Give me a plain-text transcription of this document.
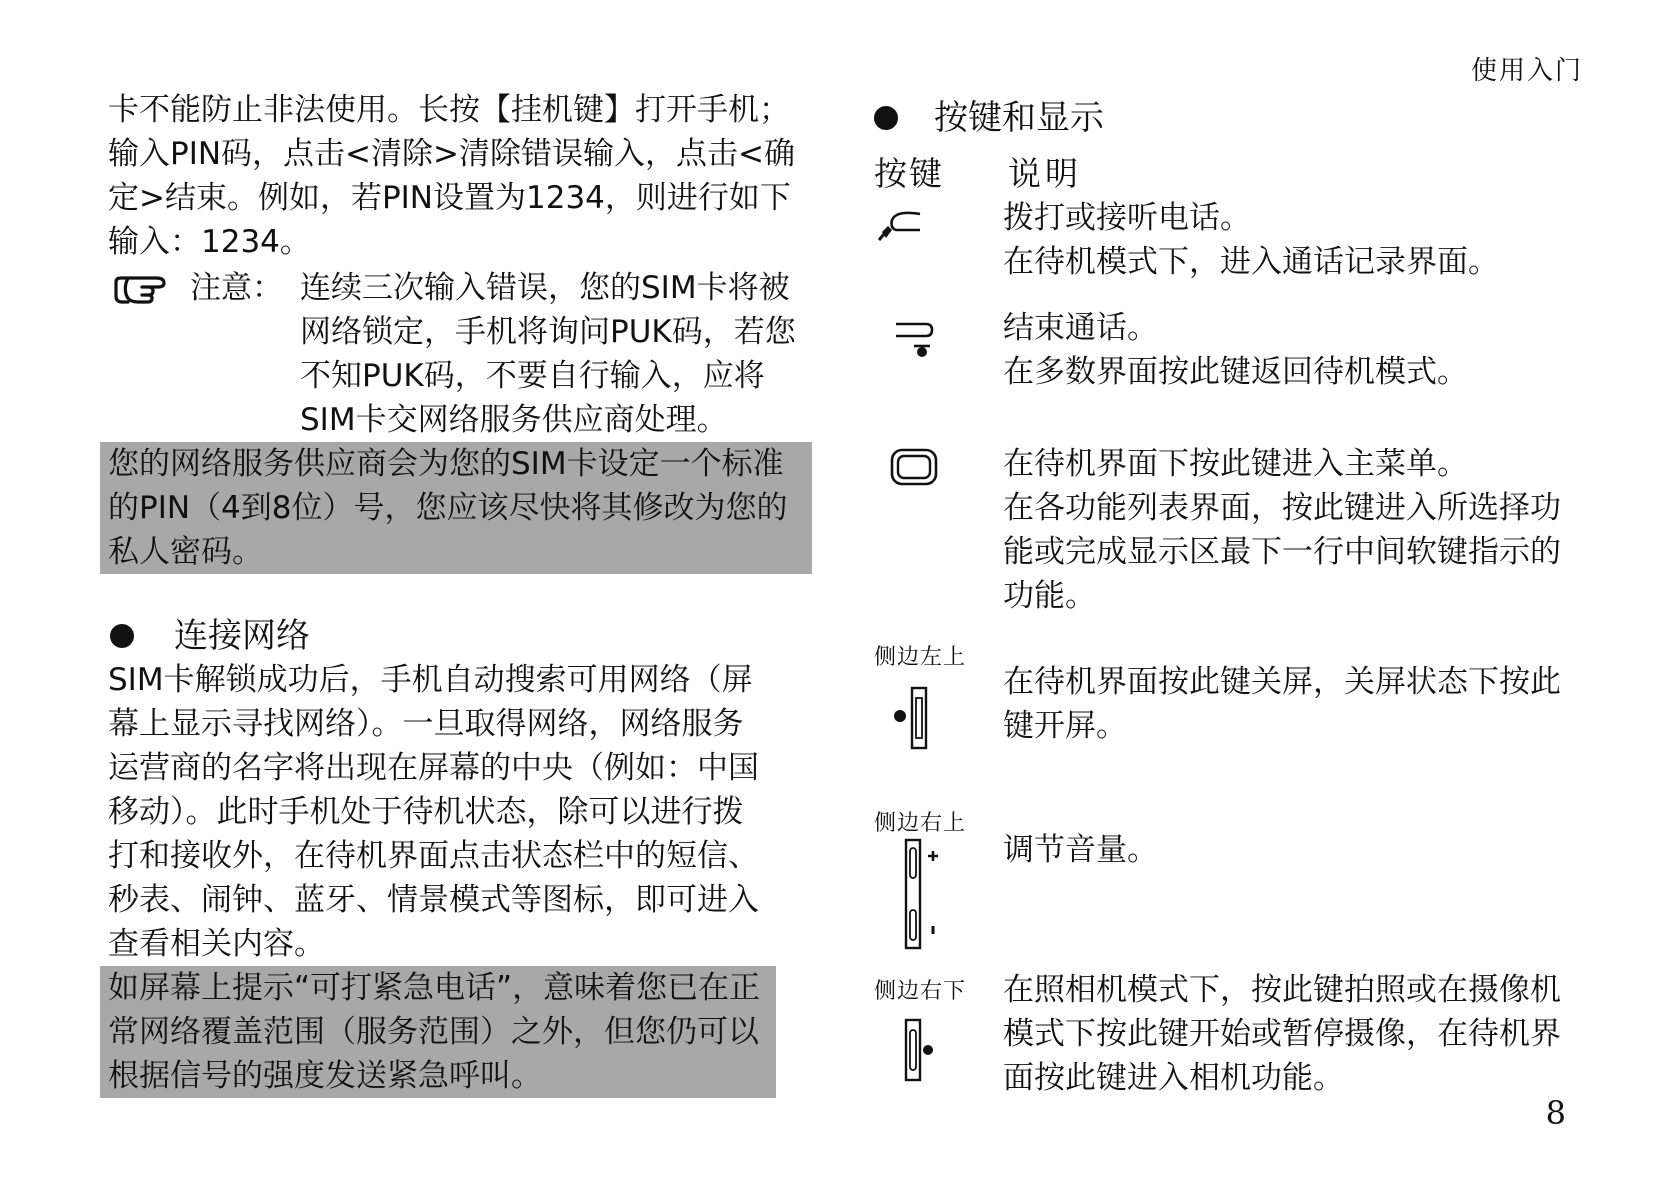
使用入门

卡不能防止非法使用。长按【挂机键】打开手机；输入PIN码，点击<清除>清除错误输入，点击<确定>结束。例如，若PIN设置为1234，则进行如下输入：1234。

注意： 连续三次输入错误，您的SIM卡将被网络锁定，手机将询问PUK码，若您不知PUK码，不要自行输入，应将SIM卡交网络服务供应商处理。

您的网络服务供应商会为您的SIM卡设定一个标准的PIN（4到8位）号，您应该尽快将其修改为您的私人密码。

连接网络

SIM卡解锁成功后，手机自动搜索可用网络（屏幕上显示寻找网络）。一旦取得网络，网络服务运营商的名字将出现在屏幕的中央（例如：中国移动）。此时手机处于待机状态，除可以进行拨打和接收外，在待机界面点击状态栏中的短信、秒表、闹钟、蓝牙、情景模式等图标，即可进入查看相关内容。

如屏幕上提示“可打紧急电话”，意味着您已在正常网络覆盖范围（服务范围）之外，但您仍可以根据信号的强度发送紧急呼叫。

按键和显示
按键 说明

拨打或接听电话。
在待机模式下，进入通话记录界面。

结束通话。
在多数界面按此键返回待机模式。

在待机界面下按此键进入主菜单。
在各功能列表界面，按此键进入所选择功能或完成显示区最下一行中间软键指示的功能。

侧边左上

在待机界面按此键关屏，关屏状态下按此键开屏。

侧边右上

调节音量。

侧边右下 在照相机模式下，按此键拍照或在摄像机模式下按此键开始或暂停摄像，在待机界面按此键进入相机功能。

8
